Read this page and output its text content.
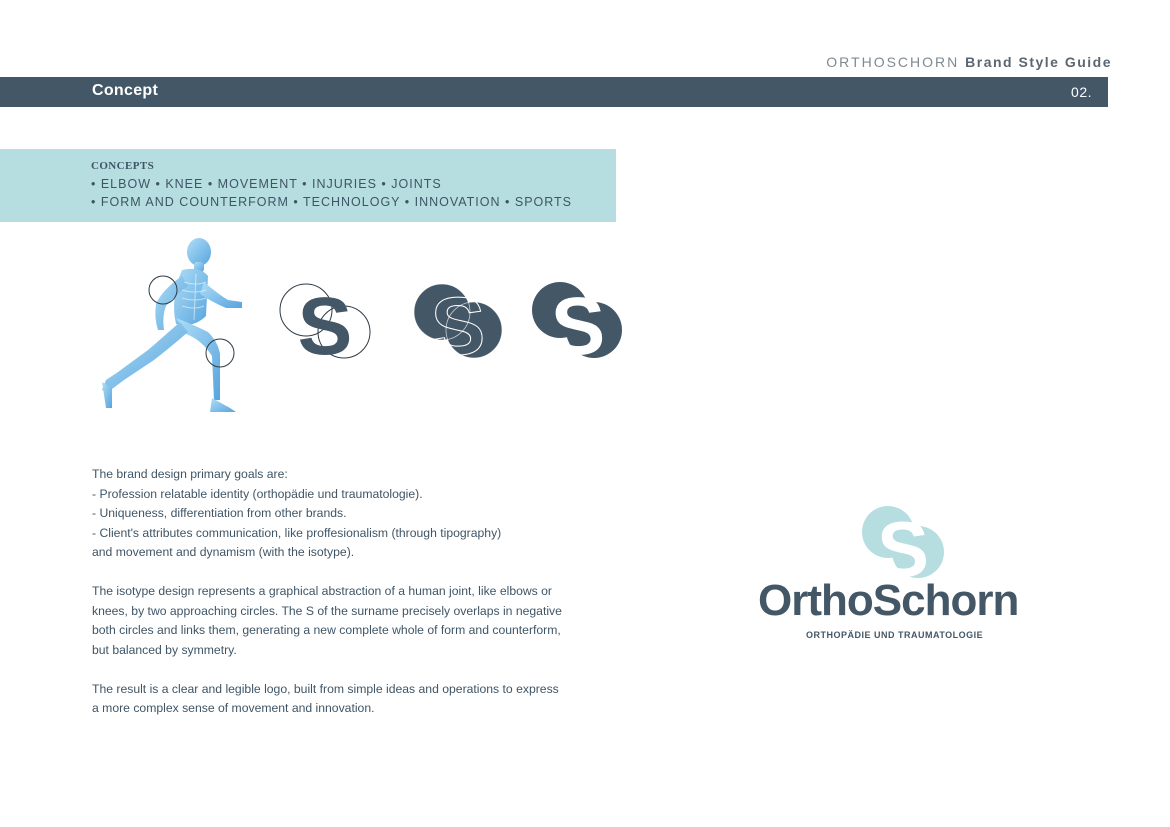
ORTHOSCHORN Brand Style Guide
Concept	02.
CONCEPTS
• ELBOW • KNEE • MOVEMENT • INJURIES • JOINTS
• FORM AND COUNTERFORM • TECHNOLOGY • INNOVATION • SPORTS
S S S

The brand design primary goals are:
- Profession relatable identity (orthopädie und traumatologie).
- Uniqueness, differentiation from other brands.
- Client's attributes communication, like proffesionalism (through tipography)
and movement and dynamism (with the isotype).

The isotype design represents a graphical abstraction of a human joint, like elbows or
knees, by two approaching circles. The S of the surname precisely overlaps in negative
both circles and links them, generating a new complete whole of form and counterform,
but balanced by symmetry.

The result is a clear and legible logo, built from simple ideas and operations to express
a more complex sense of movement and innovation.

S
OrthoSchorn
ORTHOPÄDIE UND TRAUMATOLOGIE
